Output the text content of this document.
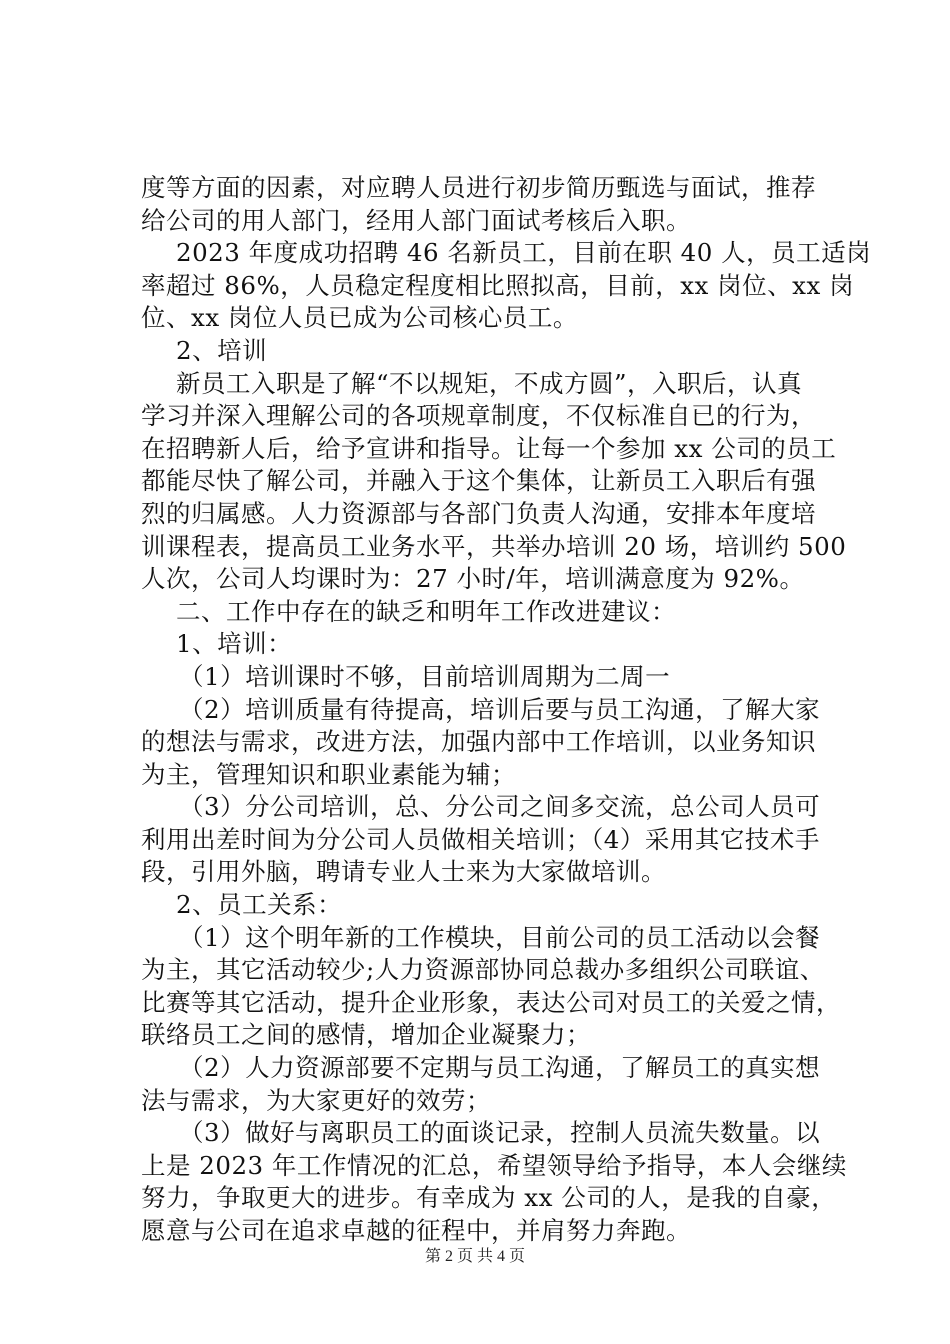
度等方面的因素，对应聘人员进行初步简历甄选与面试，推荐
给公司的用人部门，经用人部门面试考核后入职。
2023 年度成功招聘 46 名新员工，目前在职 40 人，员工适岗
率超过 86%，人员稳定程度相比照拟高，目前，xx 岗位、xx 岗
位、xx 岗位人员已成为公司核心员工。
2、培训
新员工入职是了解“不以规矩，不成方圆”，入职后，认真
学习并深入理解公司的各项规章制度，不仅标准自已的行为，
在招聘新人后，给予宣讲和指导。让每一个参加 xx 公司的员工
都能尽快了解公司，并融入于这个集体，让新员工入职后有强
烈的归属感。人力资源部与各部门负责人沟通，安排本年度培
训课程表，提高员工业务水平，共举办培训 20 场，培训约 500
人次，公司人均课时为：27 小时/年，培训满意度为 92%。
二、工作中存在的缺乏和明年工作改进建议：
1、培训：
（1）培训课时不够，目前培训周期为二周一
（2）培训质量有待提高，培训后要与员工沟通，了解大家
的想法与需求，改进方法，加强内部中工作培训，以业务知识
为主，管理知识和职业素能为辅；
（3）分公司培训，总、分公司之间多交流，总公司人员可
利用出差时间为分公司人员做相关培训；（4）采用其它技术手
段，引用外脑，聘请专业人士来为大家做培训。
2、员工关系：
（1）这个明年新的工作模块，目前公司的员工活动以会餐
为主，其它活动较少;人力资源部协同总裁办多组织公司联谊、
比赛等其它活动，提升企业形象，表达公司对员工的关爱之情，
联络员工之间的感情，增加企业凝聚力；
（2）人力资源部要不定期与员工沟通，了解员工的真实想
法与需求，为大家更好的效劳；
（3）做好与离职员工的面谈记录，控制人员流失数量。以
上是 2023 年工作情况的汇总，希望领导给予指导，本人会继续
努力，争取更大的进步。有幸成为 xx 公司的人，是我的自豪，
愿意与公司在追求卓越的征程中，并肩努力奔跑。
第 2 页 共 4 页
